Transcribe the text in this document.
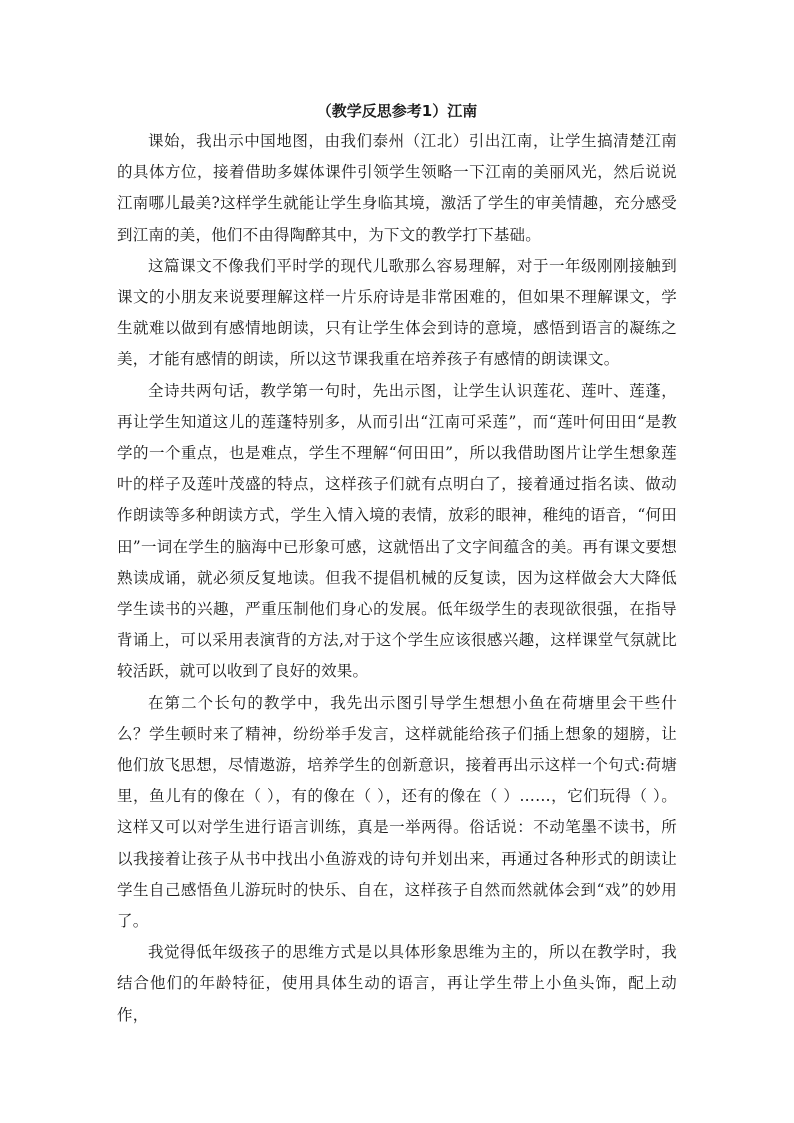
（教学反思参考1）江南

课始，我出示中国地图，由我们泰州（江北）引出江南，让学生搞清楚江南的具体方位，接着借助多媒体课件引领学生领略一下江南的美丽风光，然后说说江南哪儿最美?这样学生就能让学生身临其境，激活了学生的审美情趣，充分感受到江南的美，他们不由得陶醉其中，为下文的教学打下基础。

这篇课文不像我们平时学的现代儿歌那么容易理解，对于一年级刚刚接触到课文的小朋友来说要理解这样一片乐府诗是非常困难的，但如果不理解课文，学生就难以做到有感情地朗读，只有让学生体会到诗的意境，感悟到语言的凝练之美，才能有感情的朗读，所以这节课我重在培养孩子有感情的朗读课文。

全诗共两句话，教学第一句时，先出示图，让学生认识莲花、莲叶、莲蓬，再让学生知道这儿的莲蓬特别多，从而引出“江南可采莲”，而“莲叶何田田“是教学的一个重点，也是难点，学生不理解“何田田”，所以我借助图片让学生想象莲叶的样子及莲叶茂盛的特点，这样孩子们就有点明白了，接着通过指名读、做动作朗读等多种朗读方式，学生入情入境的表情，放彩的眼神，稚纯的语音，“何田田”一词在学生的脑海中已形象可感，这就悟出了文字间蕴含的美。再有课文要想熟读成诵，就必须反复地读。但我不提倡机械的反复读，因为这样做会大大降低学生读书的兴趣，严重压制他们身心的发展。低年级学生的表现欲很强，在指导背诵上，可以采用表演背的方法,对于这个学生应该很感兴趣，这样课堂气氛就比较活跃，就可以收到了良好的效果。

在第二个长句的教学中，我先出示图引导学生想想小鱼在荷塘里会干些什么？学生顿时来了精神，纷纷举手发言，这样就能给孩子们插上想象的翅膀，让他们放飞思想，尽情遨游，培养学生的创新意识，接着再出示这样一个句式:荷塘里，鱼儿有的像在（ ），有的像在（ ），还有的像在（ ）……，它们玩得（ ）。这样又可以对学生进行语言训练，真是一举两得。俗话说：不动笔墨不读书，所以我接着让孩子从书中找出小鱼游戏的诗句并划出来，再通过各种形式的朗读让学生自己感悟鱼儿游玩时的快乐、自在，这样孩子自然而然就体会到“戏”的妙用了。

我觉得低年级孩子的思维方式是以具体形象思维为主的，所以在教学时，我结合他们的年龄特征，使用具体生动的语言，再让学生带上小鱼头饰，配上动作，
